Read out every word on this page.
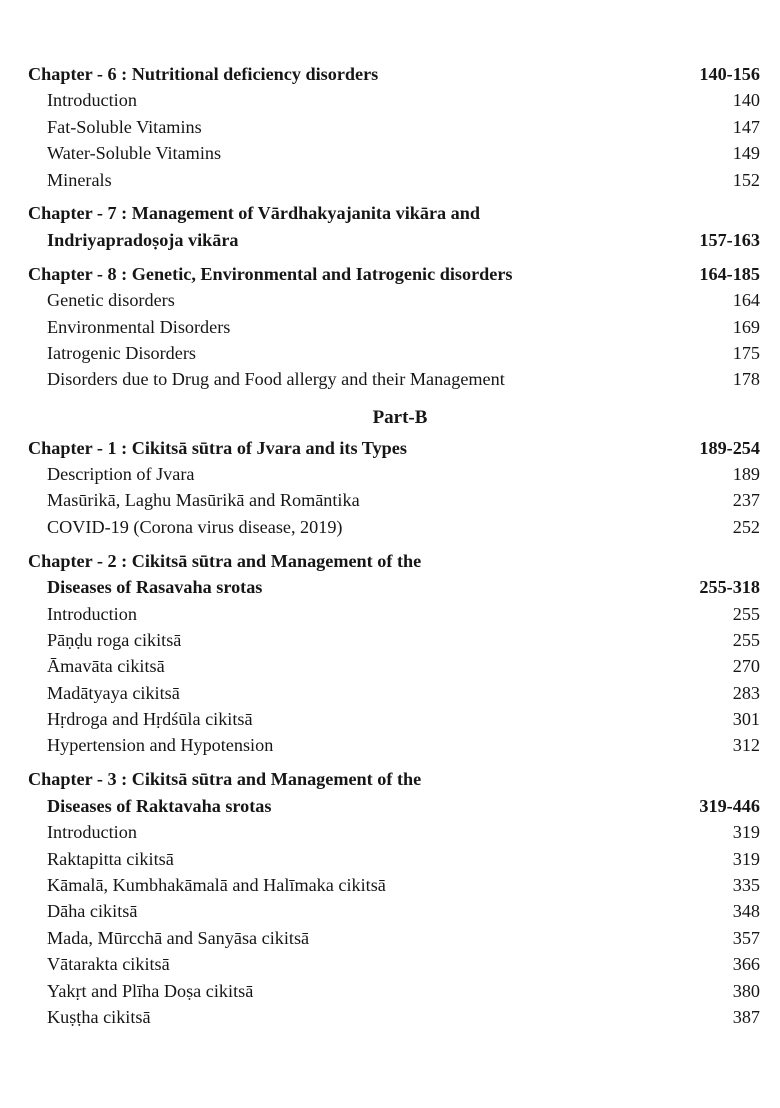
Chapter - 6 : Nutritional deficiency disorders	140-156
Introduction	140
Fat-Soluble Vitamins	147
Water-Soluble Vitamins	149
Minerals	152
Chapter - 7 : Management of Vārdhakyajanita vikāra and
Indriyapradoṣoja vikāra	157-163
Chapter - 8 : Genetic, Environmental and Iatrogenic disorders	164-185
Genetic disorders	164
Environmental Disorders	169
Iatrogenic Disorders	175
Disorders due to Drug and Food allergy and their Management	178
Part-B
Chapter - 1 : Cikitsā sūtra of Jvara and its Types	189-254
Description of Jvara	189
Masūrikā, Laghu Masūrikā and Romāntika	237
COVID-19 (Corona virus disease, 2019)	252
Chapter - 2 : Cikitsā sūtra and Management of the
Diseases of Rasavaha srotas	255-318
Introduction	255
Pāṇḍu roga cikitsā	255
Āmavāta cikitsā	270
Madātyaya cikitsā	283
Hṛdroga and Hṛdśūla cikitsā	301
Hypertension and Hypotension	312
Chapter - 3 : Cikitsā sūtra and Management of the
Diseases of Raktavaha srotas	319-446
Introduction	319
Raktapitta cikitsā	319
Kāmalā, Kumbhakāmalā and Halīmaka cikitsā	335
Dāha cikitsā	348
Mada, Mūrcchā and Sanyāsa cikitsā	357
Vātarakta cikitsā	366
Yakṛt and Plīha Doṣa cikitsā	380
Kuṣṭha cikitsā	387
